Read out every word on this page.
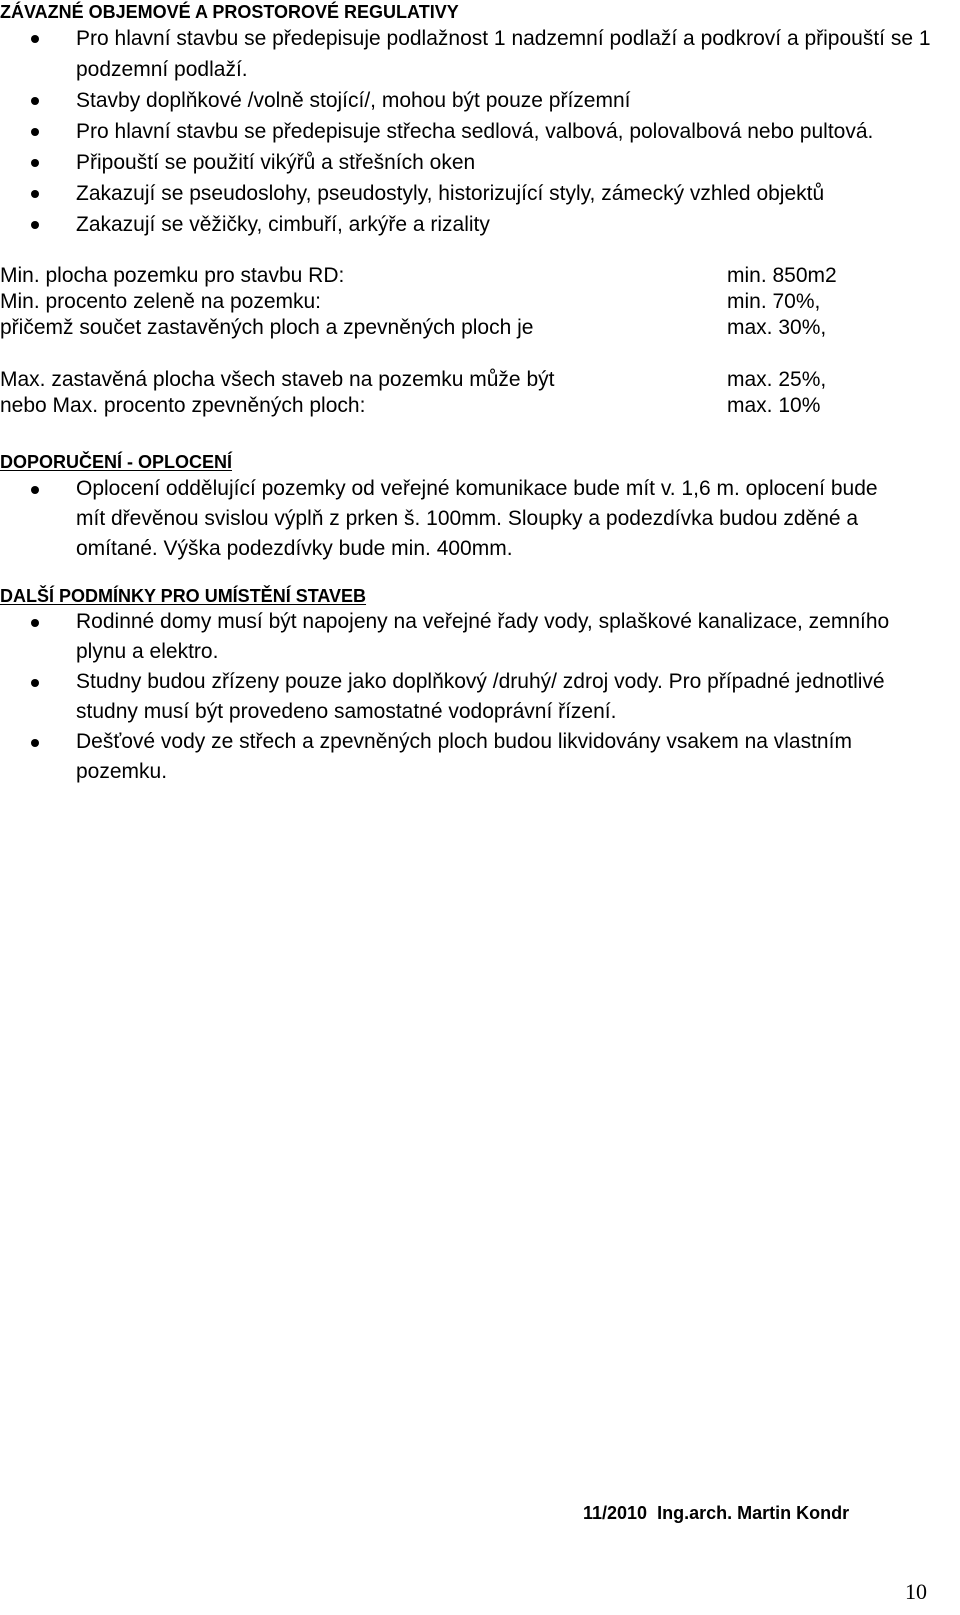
ZÁVAZNÉ OBJEMOVÉ A PROSTOROVÉ REGULATIVY
Pro hlavní stavbu se předepisuje podlažnost 1 nadzemní podlaží a podkroví a připouští se 1 podzemní podlaží.
Stavby doplňkové /volně stojící/, mohou být pouze přízemní
Pro hlavní stavbu se předepisuje střecha sedlová, valbová, polovalbová nebo pultová.
Připouští se použití vikýřů a střešních oken
Zakazují se pseudoslohy, pseudostyly, historizující styly, zámecký vzhled objektů
Zakazují se věžičky, cimbuří, arkýře a rizality
Min. plocha pozemku pro stavbu RD:	min. 850m2
Min. procento zeleně na pozemku:	min. 70%,
přičemž součet zastavěných ploch a zpevněných ploch je	max. 30%,
Max. zastavěná plocha všech staveb na pozemku může být	max. 25%,
nebo Max. procento zpevněných ploch:	max. 10%
DOPORUČENÍ - OPLOCENÍ
Oplocení oddělující pozemky od veřejné komunikace bude mít v. 1,6 m. oplocení bude mít dřevěnou svislou výplň z prken š. 100mm. Sloupky a podezdívka budou zděné a omítané. Výška podezdívky bude min. 400mm.
DALŠÍ PODMÍNKY PRO UMÍSTĚNÍ STAVEB
Rodinné domy musí být napojeny na veřejné řady vody, splaškové kanalizace, zemního plynu a elektro.
Studny budou zřízeny pouze jako doplňkový /druhý/ zdroj vody. Pro případné jednotlivé studny musí být provedeno samostatné vodoprávní řízení.
Dešťové vody ze střech a zpevněných ploch budou likvidovány vsakem na vlastním pozemku.
11/2010  Ing.arch. Martin Kondr
10
